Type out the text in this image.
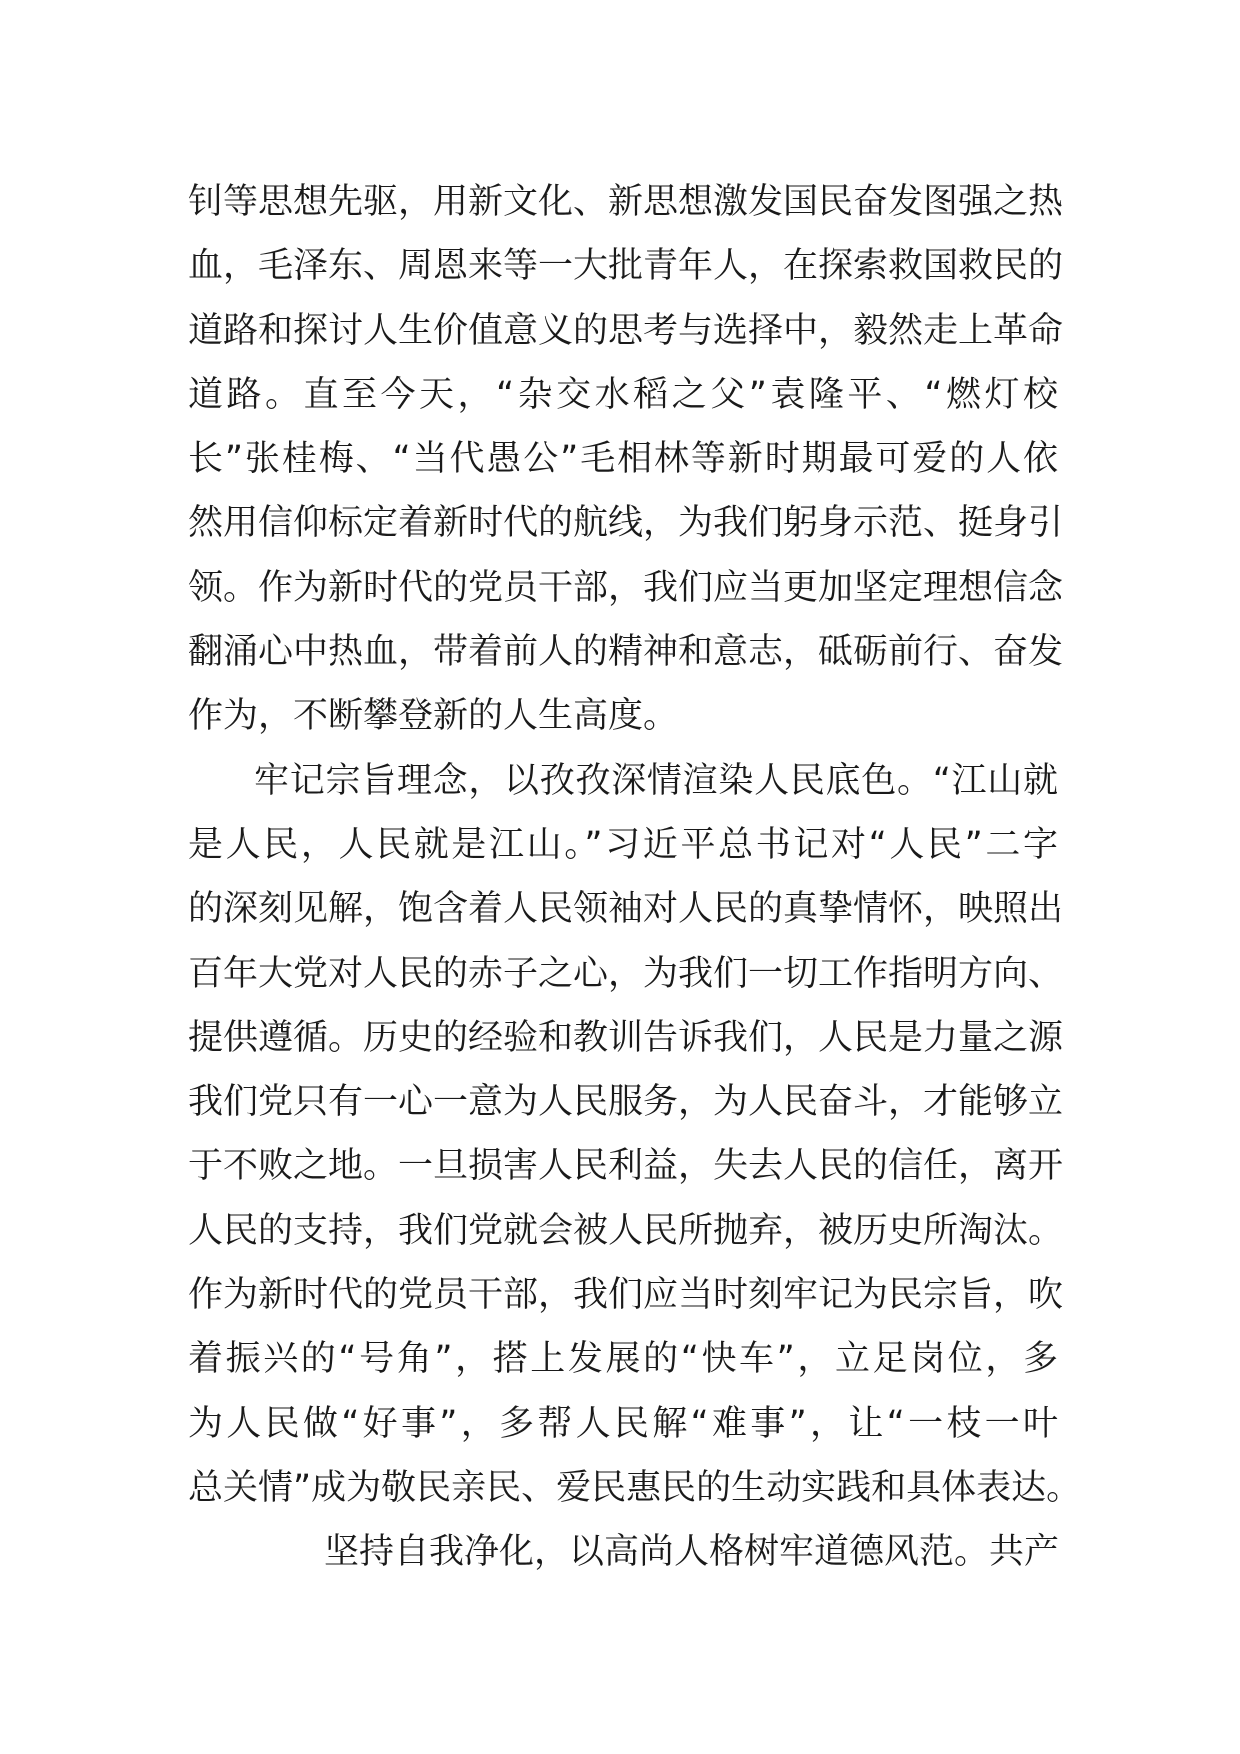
钊等思想先驱，用新文化、新思想激发国民奋发图强之热
血，毛泽东、周恩来等一大批青年人，在探索救国救民的
道路和探讨人生价值意义的思考与选择中，毅然走上革命
道路。直至今天，“杂交水稻之父”袁隆平、“燃灯校
长”张桂梅、“当代愚公”毛相林等新时期最可爱的人依
然用信仰标定着新时代的航线，为我们躬身示范、挺身引
领。作为新时代的党员干部，我们应当更加坚定理想信念
翻涌心中热血，带着前人的精神和意志，砥砺前行、奋发
作为，不断攀登新的人生高度。
牢记宗旨理念，以孜孜深情渲染人民底色。“江山就
是人民，人民就是江山。”习近平总书记对“人民”二字
的深刻见解，饱含着人民领袖对人民的真挚情怀，映照出
百年大党对人民的赤子之心，为我们一切工作指明方向、
提供遵循。历史的经验和教训告诉我们，人民是力量之源
我们党只有一心一意为人民服务，为人民奋斗，才能够立
于不败之地。一旦损害人民利益，失去人民的信任，离开
人民的支持，我们党就会被人民所抛弃，被历史所淘汰。
作为新时代的党员干部，我们应当时刻牢记为民宗旨，吹
着振兴的“号角”，搭上发展的“快车”，立足岗位，多
为人民做“好事”，多帮人民解“难事”，让“一枝一叶
总关情”成为敬民亲民、爱民惠民的生动实践和具体表达。
坚持自我净化，以高尚人格树牢道德风范。共产
